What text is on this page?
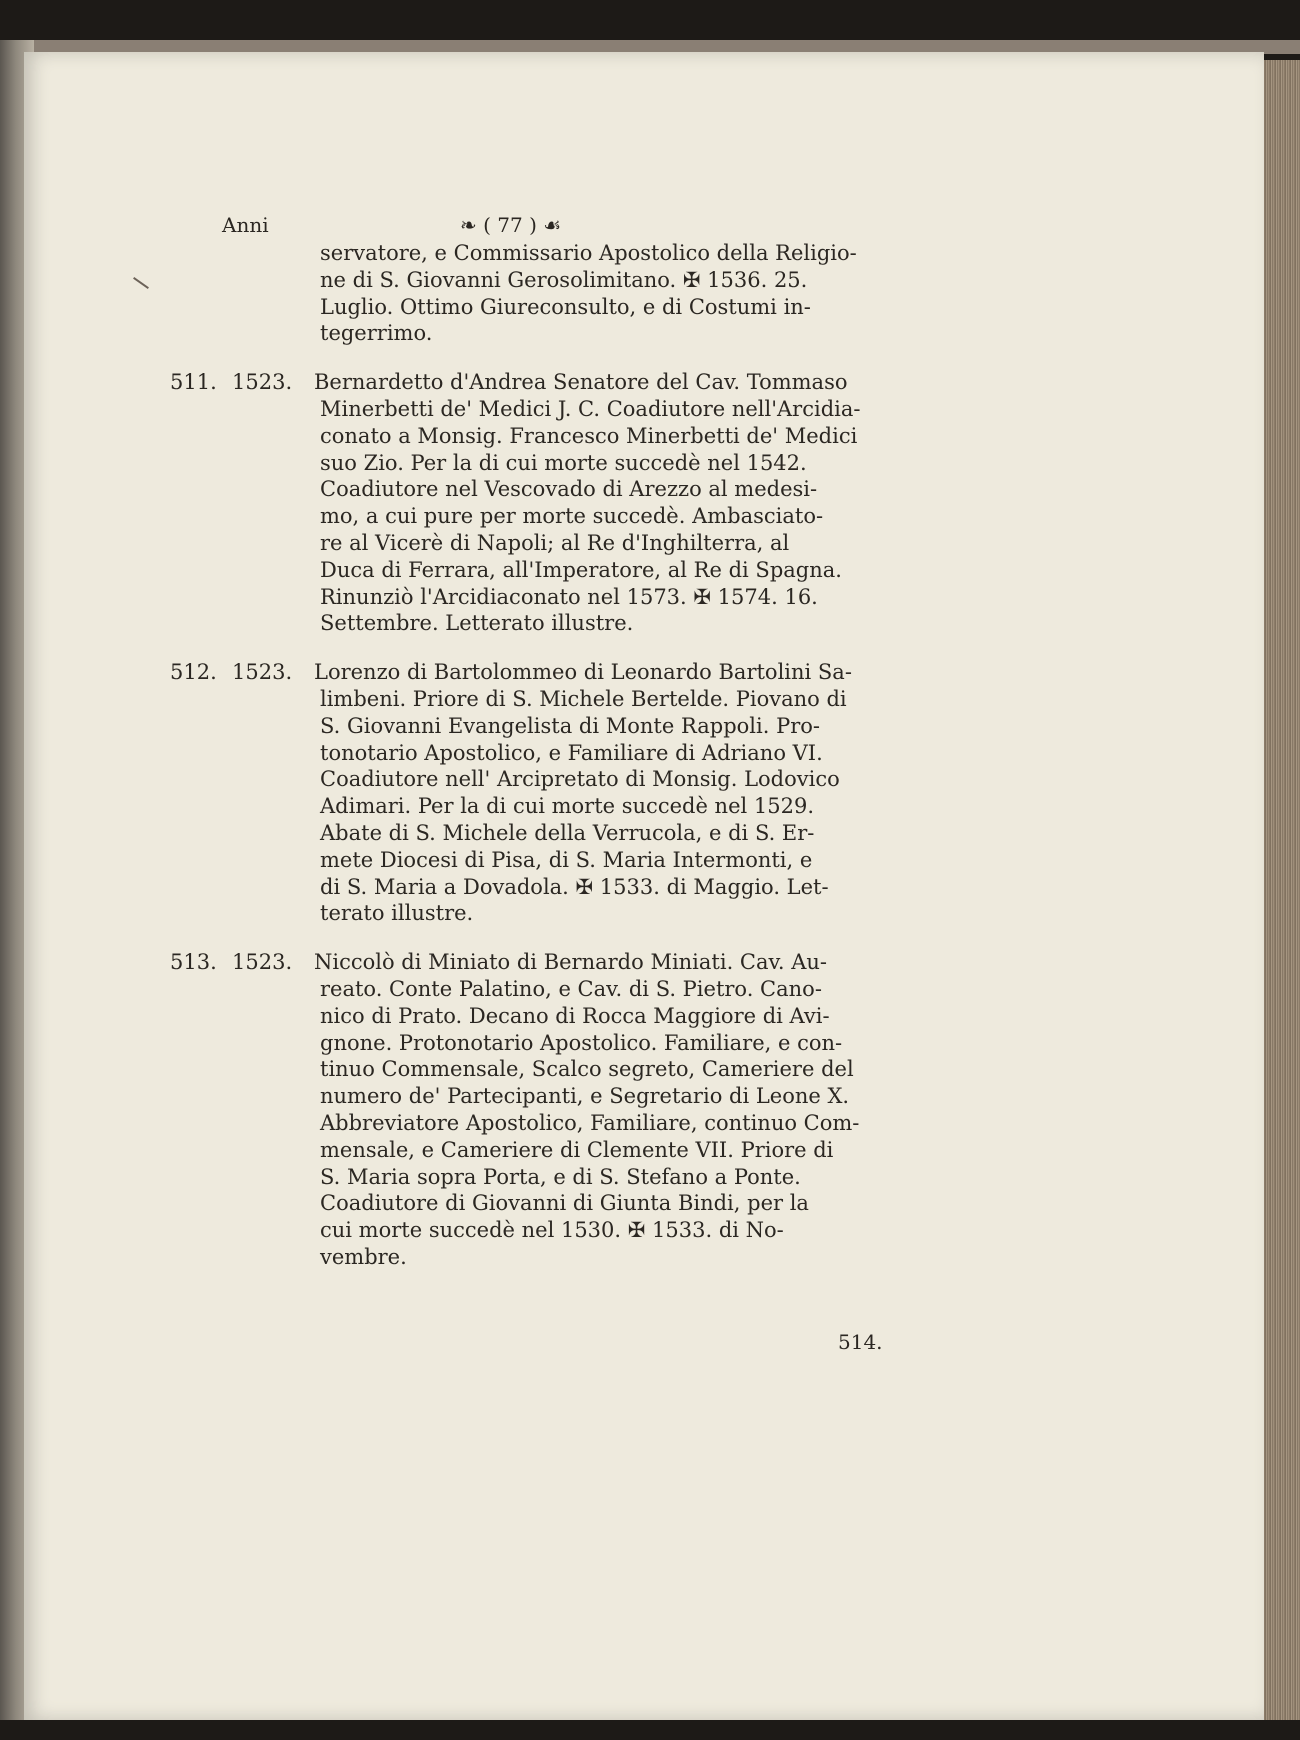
Anni	❧ ( 77 ) ☙
servatore, e Commissario Apostolico della Religio-
ne di S. Giovanni Gerosolimitano. ✠ 1536. 25.
Luglio. Ottimo Giureconsulto, e di Costumi in-
tegerrimo.
511. 1523.	Bernardetto d'Andrea Senatore del Cav. Tommaso
Minerbetti de' Medici J. C. Coadiutore nell'Arcidia-
conato a Monsig. Francesco Minerbetti de' Medici
suo Zio. Per la di cui morte succedè nel 1542.
Coadiutore nel Vescovado di Arezzo al medesi-
mo, a cui pure per morte succedè. Ambasciato-
re al Vicerè di Napoli; al Re d'Inghilterra, al
Duca di Ferrara, all'Imperatore, al Re di Spagna.
Rinunziò l'Arcidiaconato nel 1573. ✠ 1574. 16.
Settembre. Letterato illustre.
512. 1523.	Lorenzo di Bartolommeo di Leonardo Bartolini Sa-
limbeni. Priore di S. Michele Bertelde. Piovano di
S. Giovanni Evangelista di Monte Rappoli. Pro-
tonotario Apostolico, e Familiare di Adriano VI.
Coadiutore nell' Arcipretato di Monsig. Lodovico
Adimari. Per la di cui morte succedè nel 1529.
Abate di S. Michele della Verrucola, e di S. Er-
mete Diocesi di Pisa, di S. Maria Intermonti, e
di S. Maria a Dovadola. ✠ 1533. di Maggio. Let-
terato illustre.
513. 1523.	Niccolò di Miniato di Bernardo Miniati. Cav. Au-
reato. Conte Palatino, e Cav. di S. Pietro. Cano-
nico di Prato. Decano di Rocca Maggiore di Avi-
gnone. Protonotario Apostolico. Familiare, e con-
tinuo Commensale, Scalco segreto, Cameriere del
numero de' Partecipanti, e Segretario di Leone X.
Abbreviatore Apostolico, Familiare, continuo Com-
mensale, e Cameriere di Clemente VII. Priore di
S. Maria sopra Porta, e di S. Stefano a Ponte.
Coadiutore di Giovanni di Giunta Bindi, per la
cui morte succedè nel 1530. ✠ 1533. di No-
vembre.
514.
